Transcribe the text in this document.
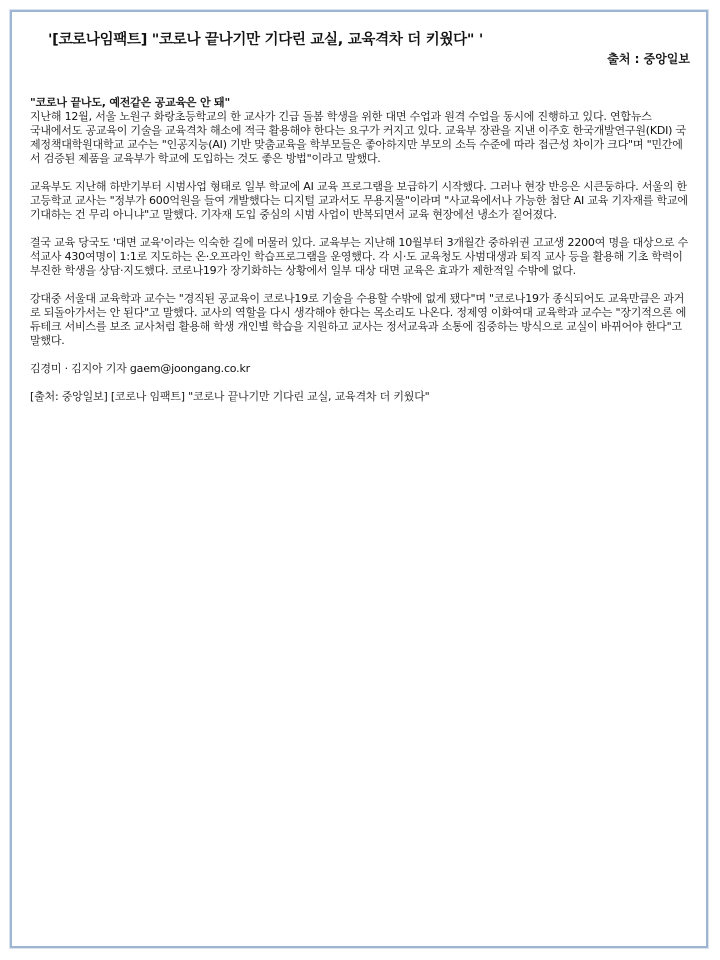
'[코로나임팩트] "코로나 끝나기만 기다린 교실, 교육격차 더 키웠다" '
출처 : 중앙일보

"코로나 끝나도, 예전같은 공교육은 안 돼"

지난해 12월, 서울 노원구 화랑초등학교의 한 교사가 긴급 돌봄 학생을 위한 대면 수업과 원격 수업을 동시에 진행하고 있다. 연합뉴스

국내에서도 공교육이 기술을 교육격차 해소에 적극 활용해야 한다는 요구가 커지고 있다. 교육부 장관을 지낸 이주호 한국개발연구원(KDI) 국제정책대학원대학교 교수는 "인공지능(AI) 기반 맞춤교육을 학부모들은 좋아하지만 부모의 소득 수준에 따라 접근성 차이가 크다"며 "민간에서 검증된 제품을 교육부가 학교에 도입하는 것도 좋은 방법"이라고 말했다.

교육부도 지난해 하반기부터 시범사업 형태로 일부 학교에 AI 교육 프로그램을 보급하기 시작했다. 그러나 현장 반응은 시큰둥하다. 서울의 한 고등학교 교사는 "정부가 600억원을 들여 개발했다는 디지털 교과서도 무용지물"이라며 "사교육에서나 가능한 첨단 AI 교육 기자재를 학교에 기대하는 건 무리 아니냐"고 말했다. 기자재 도입 중심의 시범 사업이 반복되면서 교육 현장에선 냉소가 짙어졌다.

결국 교육 당국도 '대면 교육'이라는 익숙한 길에 머물러 있다. 교육부는 지난해 10월부터 3개월간 중하위권 고교생 2200여 명을 대상으로 수석교사 430여명이 1:1로 지도하는 온·오프라인 학습프로그램을 운영했다. 각 시·도 교육청도 사범대생과 퇴직 교사 등을 활용해 기초 학력이 부진한 학생을 상담·지도했다. 코로나19가 장기화하는 상황에서 일부 대상 대면 교육은 효과가 제한적일 수밖에 없다.

강대중 서울대 교육학과 교수는 "경직된 공교육이 코로나19로 기술을 수용할 수밖에 없게 됐다"며 "코로나19가 종식되어도 교육만큼은 과거로 되돌아가서는 안 된다"고 말했다. 교사의 역할을 다시 생각해야 한다는 목소리도 나온다. 정제영 이화여대 교육학과 교수는 "장기적으론 에듀테크 서비스를 보조 교사처럼 활용해 학생 개인별 학습을 지원하고 교사는 정서교육과 소통에 집중하는 방식으로 교실이 바뀌어야 한다"고 말했다.

김경미 · 김지아 기자 gaem@joongang.co.kr

[출처: 중앙일보] [코로나 임팩트] "코로나 끝나기만 기다린 교실, 교육격차 더 키웠다"
